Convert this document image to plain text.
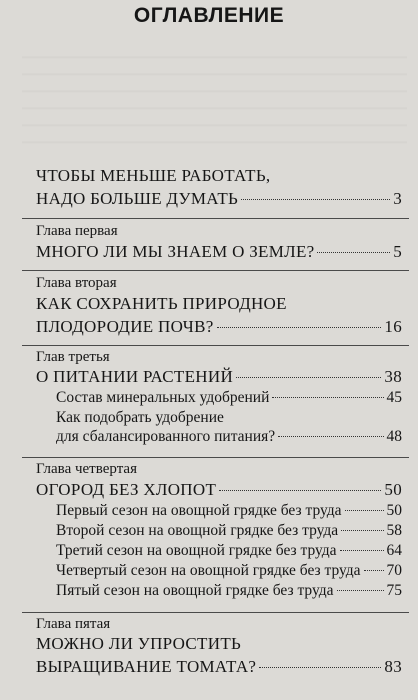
ОГЛАВЛЕНИЕ
ЧТОБЫ МЕНЬШЕ РАБОТАТЬ,
НАДО БОЛЬШЕ ДУМАТЬ	3
Глава первая
МНОГО ЛИ МЫ ЗНАЕМ О ЗЕМЛЕ?	5
Глава вторая
КАК СОХРАНИТЬ ПРИРОДНОЕ
ПЛОДОРОДИЕ ПОЧВ?	16
Глав третья
О ПИТАНИИ РАСТЕНИЙ	38
Состав минеральных удобрений	45
Как подобрать удобрение
для сбалансированного питания?	48
Глава четвертая
ОГОРОД БЕЗ ХЛОПОТ	50
Первый сезон на овощной грядке без труда	50
Второй сезон на овощной грядке без труда	58
Третий сезон на овощной грядке без труда	64
Четвертый сезон на овощной грядке без труда 70
Пятый сезон на овощной грядке без труда	75
Глава пятая
МОЖНО ЛИ УПРОСТИТЬ
ВЫРАЩИВАНИЕ ТОМАТА?	83
